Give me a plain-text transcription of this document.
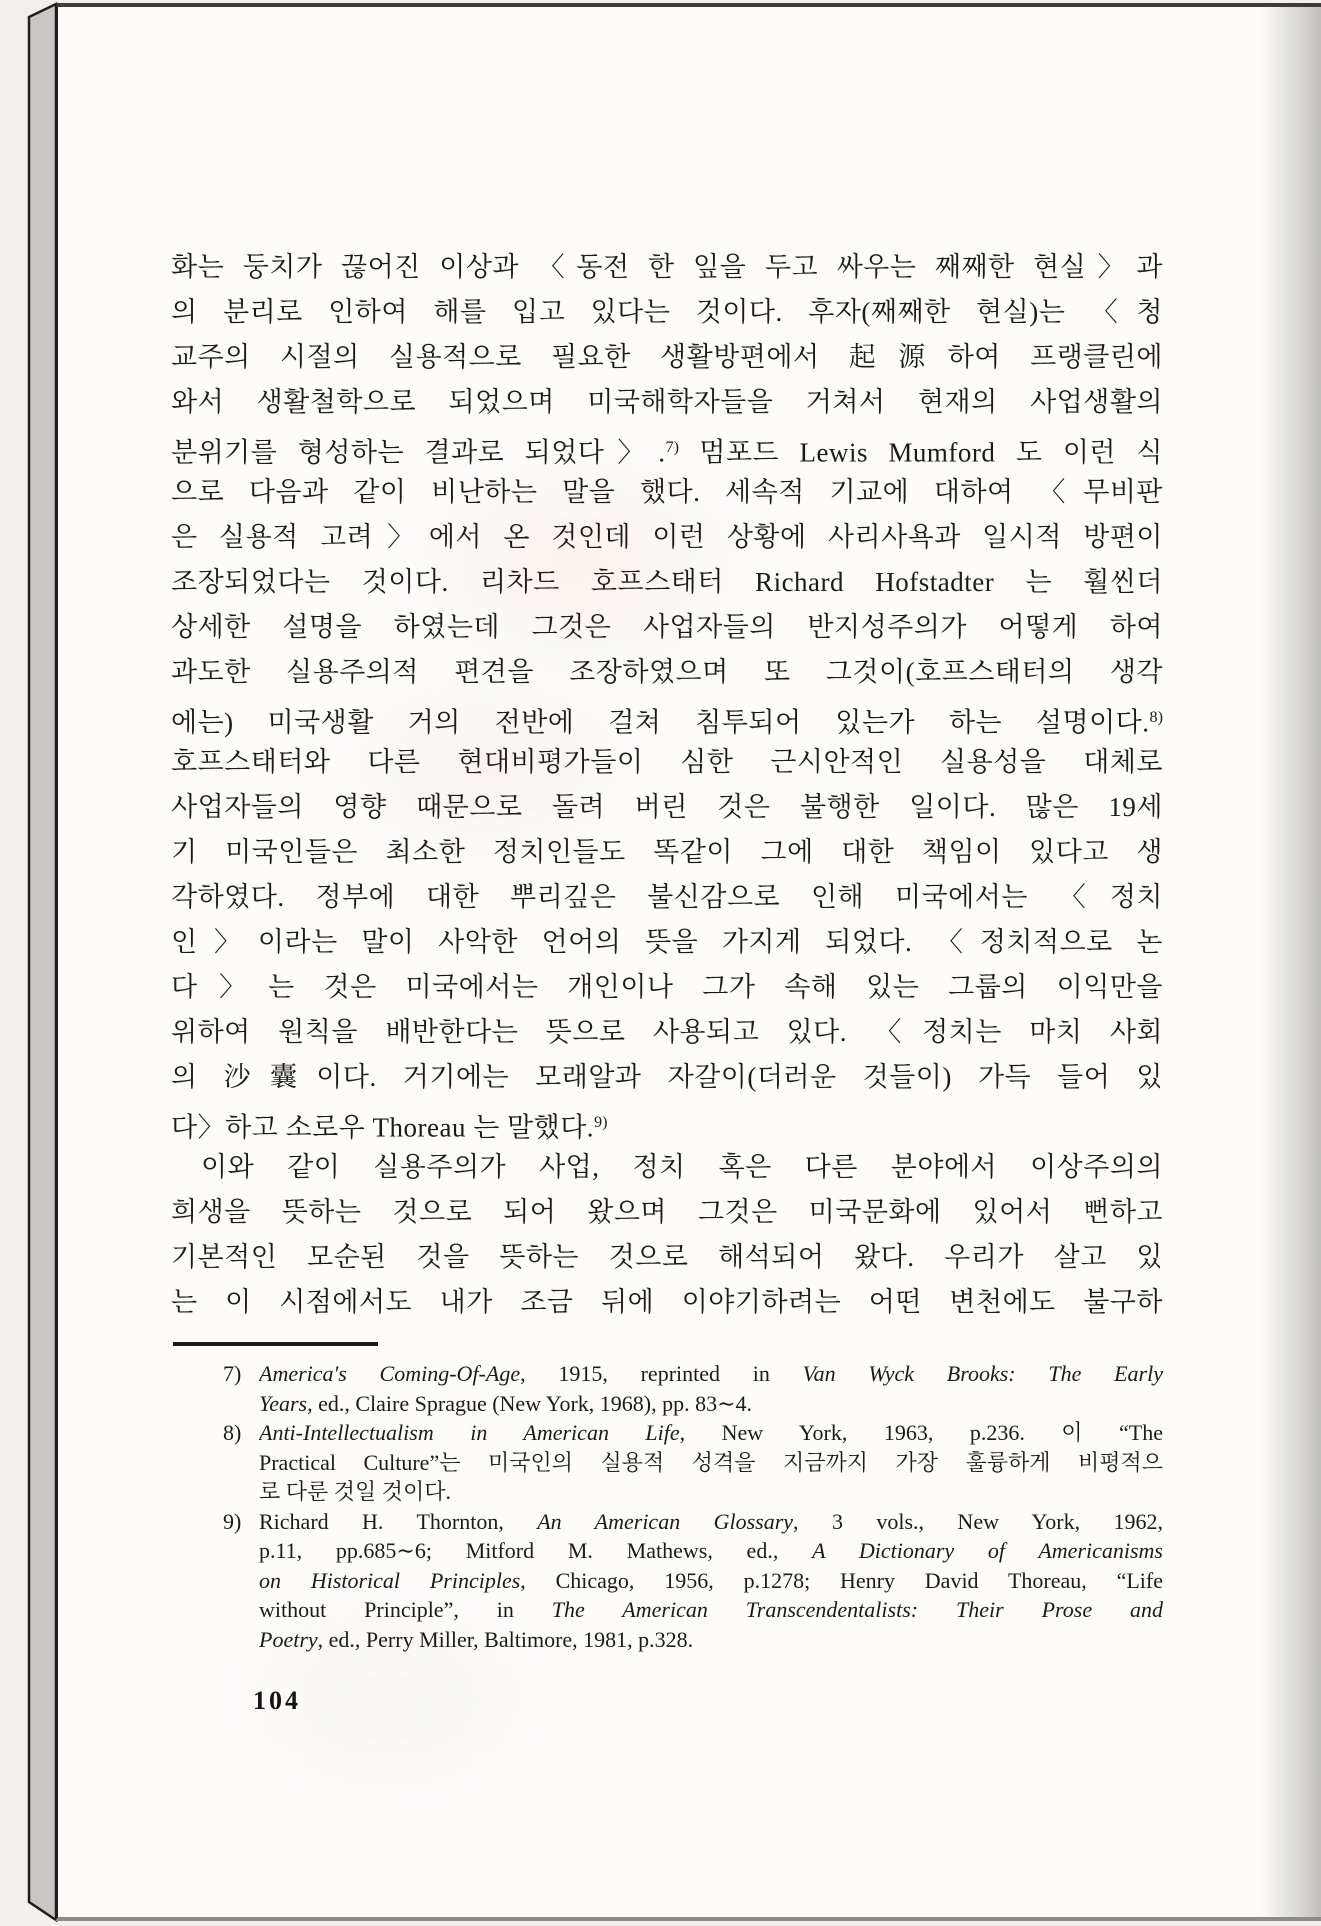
화는 둥치가 끊어진 이상과 〈동전 한 잎을 두고 싸우는 째째한 현실〉과
의 분리로 인하여 해를 입고 있다는 것이다. 후자(째째한 현실)는 〈청
교주의 시절의 실용적으로 필요한 생활방편에서 起源하여 프랭클린에
와서 생활철학으로 되었으며 미국해학자들을 거쳐서 현재의 사업생활의
분위기를 형성하는 결과로 되었다〉.$^{7)}$ 멈포드 Lewis Mumford 도 이런 식
으로 다음과 같이 비난하는 말을 했다. 세속적 기교에 대하여 〈무비판
은 실용적 고려〉에서 온 것인데 이런 상황에 사리사욕과 일시적 방편이
조장되었다는 것이다. 리차드 호프스태터 Richard Hofstadter 는 훨씬더
상세한 설명을 하였는데 그것은 사업자들의 반지성주의가 어떻게 하여
과도한 실용주의적 편견을 조장하였으며 또 그것이(호프스태터의 생각
에는) 미국생활 거의 전반에 걸쳐 침투되어 있는가 하는 설명이다.$^{8)}$
호프스태터와 다른 현대비평가들이 심한 근시안적인 실용성을 대체로
사업자들의 영향 때문으로 돌려 버린 것은 불행한 일이다. 많은 19세
기 미국인들은 최소한 정치인들도 똑같이 그에 대한 책임이 있다고 생
각하였다. 정부에 대한 뿌리깊은 불신감으로 인해 미국에서는 〈정치
인〉이라는 말이 사악한 언어의 뜻을 가지게 되었다. 〈정치적으로 논
다〉는 것은 미국에서는 개인이나 그가 속해 있는 그룹의 이익만을
위하여 원칙을 배반한다는 뜻으로 사용되고 있다. 〈정치는 마치 사회
의 沙囊이다. 거기에는 모래알과 자갈이(더러운 것들이) 가득 들어 있
다〉하고 소로우 Thoreau 는 말했다.$^{9)}$
이와 같이 실용주의가 사업, 정치 혹은 다른 분야에서 이상주의의
희생을 뜻하는 것으로 되어 왔으며 그것은 미국문화에 있어서 뻔하고
기본적인 모순된 것을 뜻하는 것으로 해석되어 왔다. 우리가 살고 있
는 이 시점에서도 내가 조금 뒤에 이야기하려는 어떤 변천에도 불구하
7) America's Coming-Of-Age, 1915, reprinted in Van Wyck Brooks: The Early
Years, ed., Claire Sprague (New York, 1968), pp. 83∼4.
8) Anti-Intellectualism in American Life, New York, 1963, p.236. 이 “The
Practical Culture”는 미국인의 실용적 성격을 지금까지 가장 훌륭하게 비평적으
로 다룬 것일 것이다.
9) Richard H. Thornton, An American Glossary, 3 vols., New York, 1962,
p.11, pp.685∼6; Mitford M. Mathews, ed., A Dictionary of Americanisms
on Historical Principles, Chicago, 1956, p.1278; Henry David Thoreau, “Life
without Principle”, in The American Transcendentalists: Their Prose and
Poetry, ed., Perry Miller, Baltimore, 1981, p.328.
104
